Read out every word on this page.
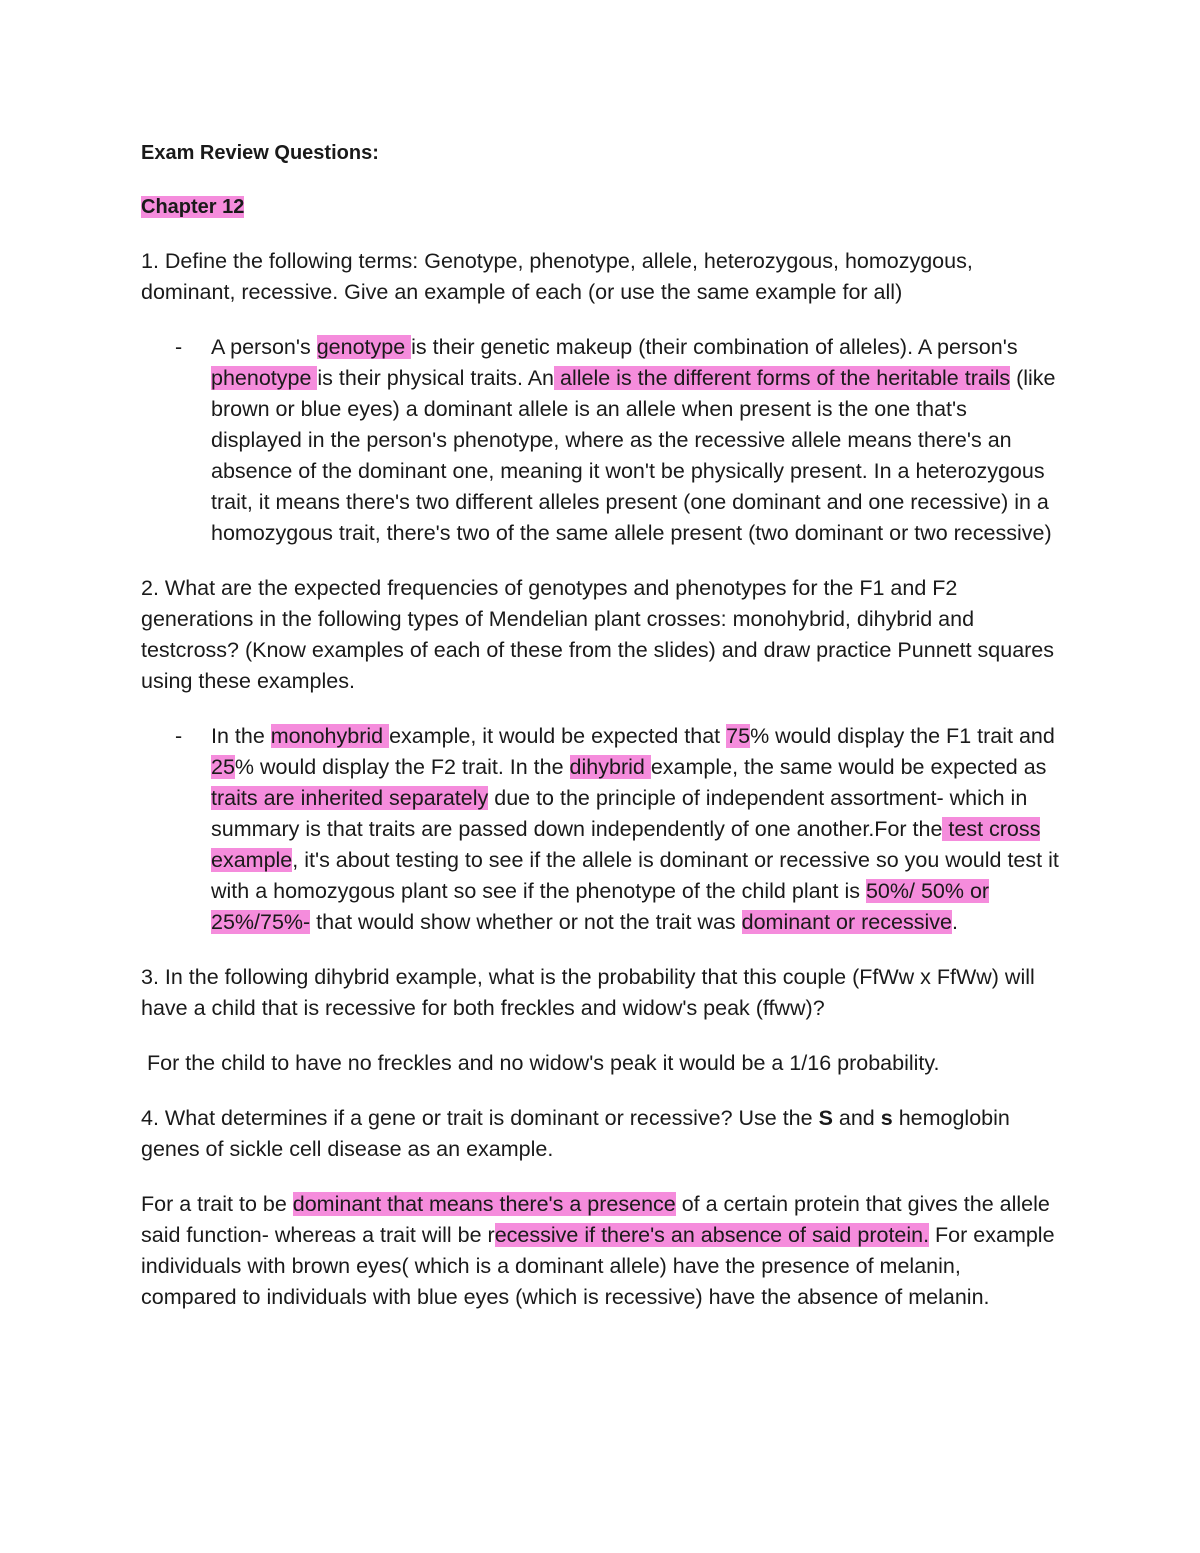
Exam Review Questions:
Chapter 12

1. Define the following terms: Genotype, phenotype, allele, heterozygous, homozygous, dominant, recessive. Give an example of each (or use the same example for all)

- A person's genotype is their genetic makeup (their combination of alleles). A person's phenotype is their physical traits. An allele is the different forms of the heritable trails (like brown or blue eyes) a dominant allele is an allele when present is the one that's displayed in the person's phenotype, where as the recessive allele means there's an absence of the dominant one, meaning it won't be physically present. In a heterozygous trait, it means there's two different alleles present (one dominant and one recessive) in a homozygous trait, there's two of the same allele present (two dominant or two recessive)

2. What are the expected frequencies of genotypes and phenotypes for the F1 and F2 generations in the following types of Mendelian plant crosses: monohybrid, dihybrid and testcross? (Know examples of each of these from the slides) and draw practice Punnett squares using these examples.

- In the monohybrid example, it would be expected that 75% would display the F1 trait and 25% would display the F2 trait. In the dihybrid example, the same would be expected as traits are inherited separately due to the principle of independent assortment- which in summary is that traits are passed down independently of one another.For the test cross example, it's about testing to see if the allele is dominant or recessive so you would test it with a homozygous plant so see if the phenotype of the child plant is 50%/ 50% or 25%/75%- that would show whether or not the trait was dominant or recessive.

3. In the following dihybrid example, what is the probability that this couple (FfWw x FfWw) will have a child that is recessive for both freckles and widow's peak (ffww)?

For the child to have no freckles and no widow's peak it would be a 1/16 probability.

4. What determines if a gene or trait is dominant or recessive? Use the S and s hemoglobin genes of sickle cell disease as an example.

For a trait to be dominant that means there's a presence of a certain protein that gives the allele said function- whereas a trait will be recessive if there's an absence of said protein. For example individuals with brown eyes( which is a dominant allele) have the presence of melanin, compared to individuals with blue eyes (which is recessive) have the absence of melanin.
